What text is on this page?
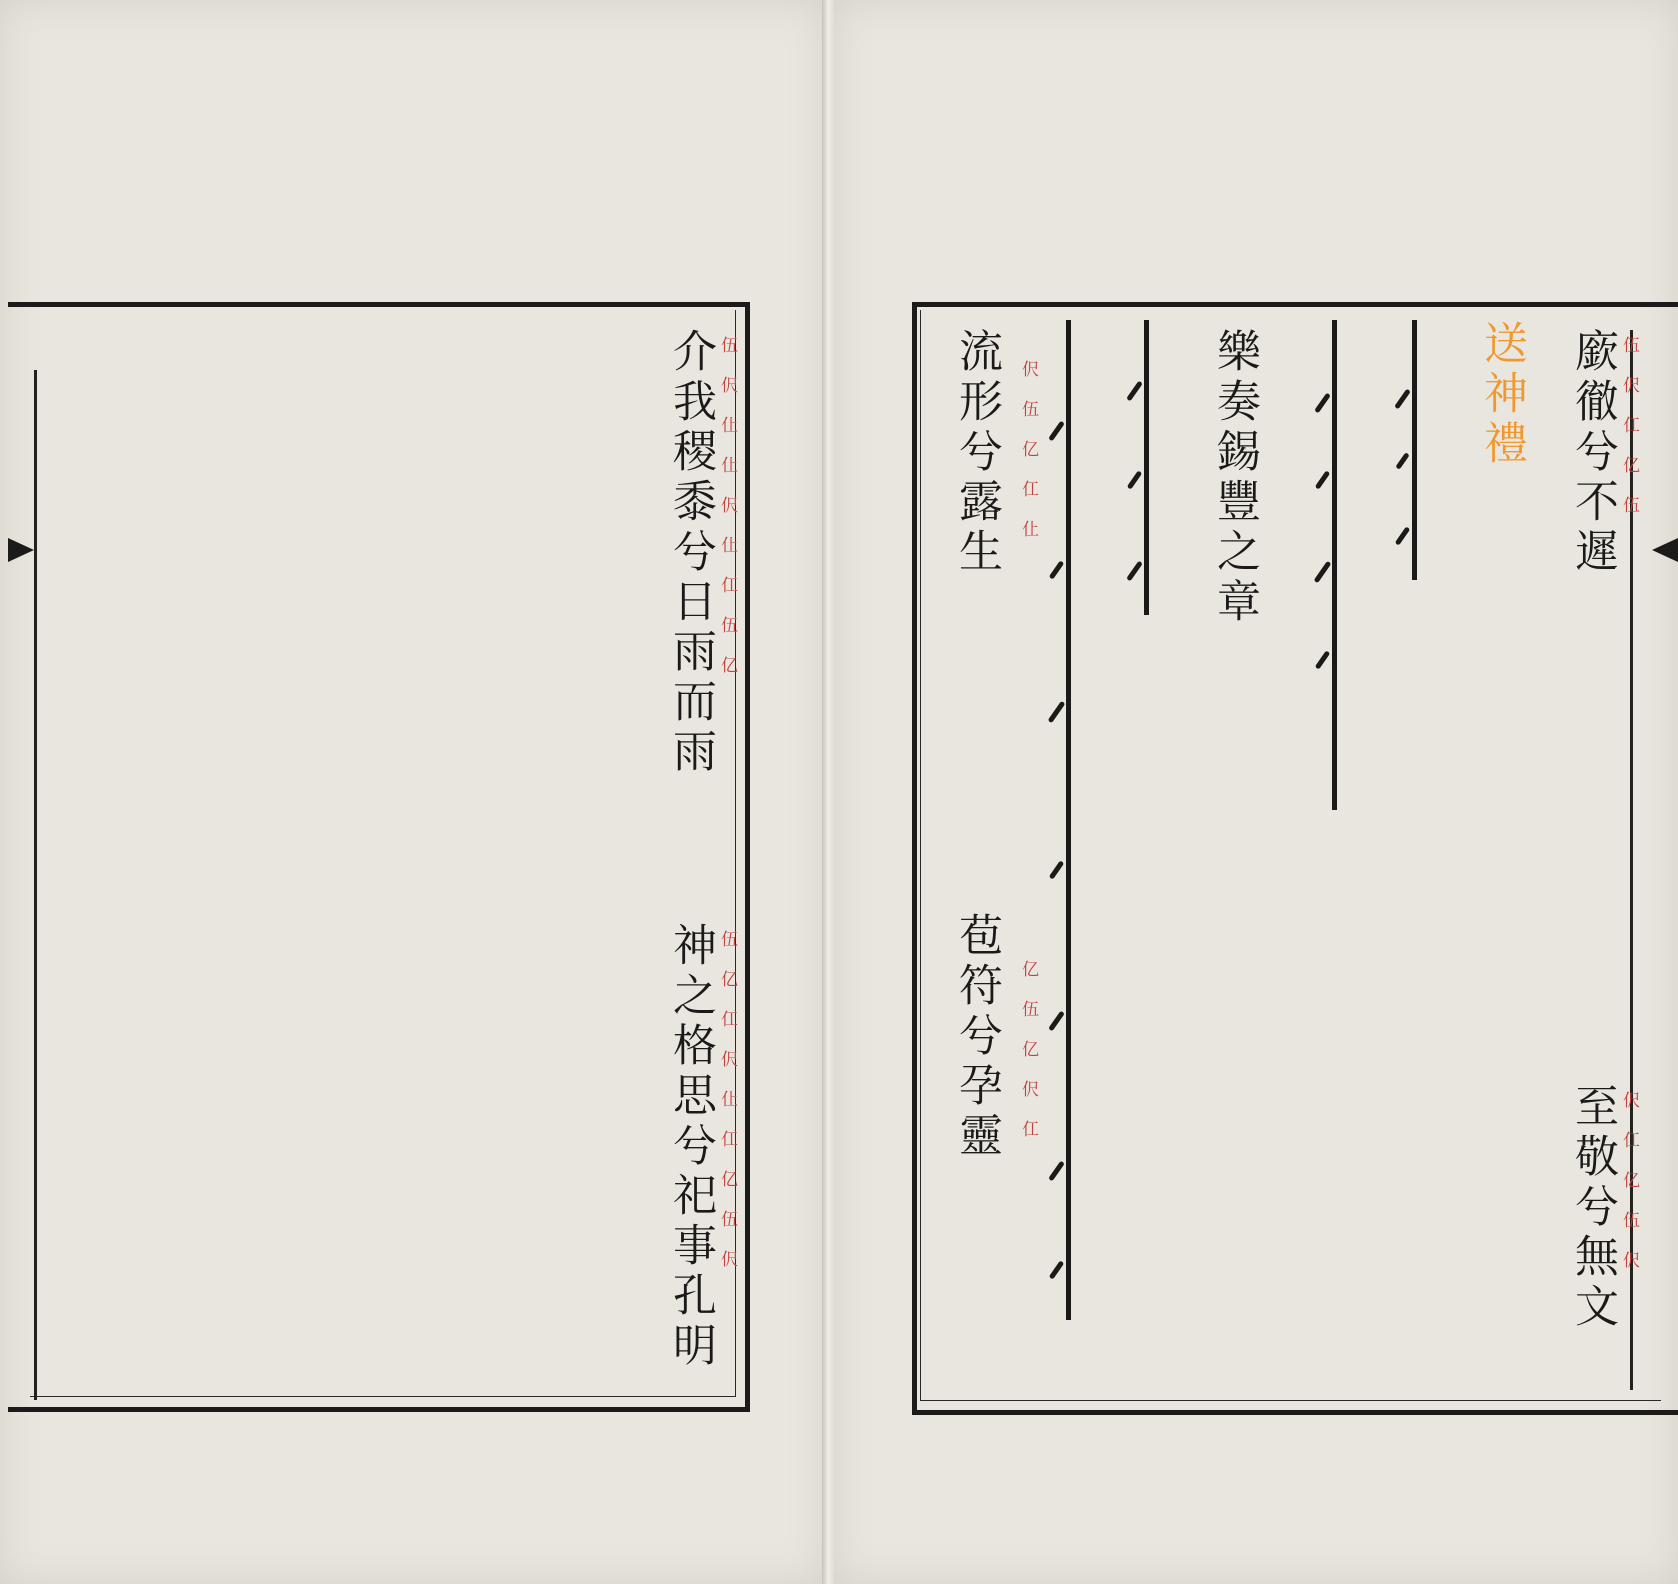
介我稷黍兮日雨而雨 伍伬仩仩伬仩仜伍亿
神之格思兮祀事孔明 伍亿仜伬仩仜亿伍伬
廞徹兮不遲 伍伬仜亿伍
至敬兮無文 伬仜亿伍伬
送神禮
樂奏錫豐之章
流形兮露生 伬伍亿仜仩
苞符兮孕靈 亿伍亿伬仜
